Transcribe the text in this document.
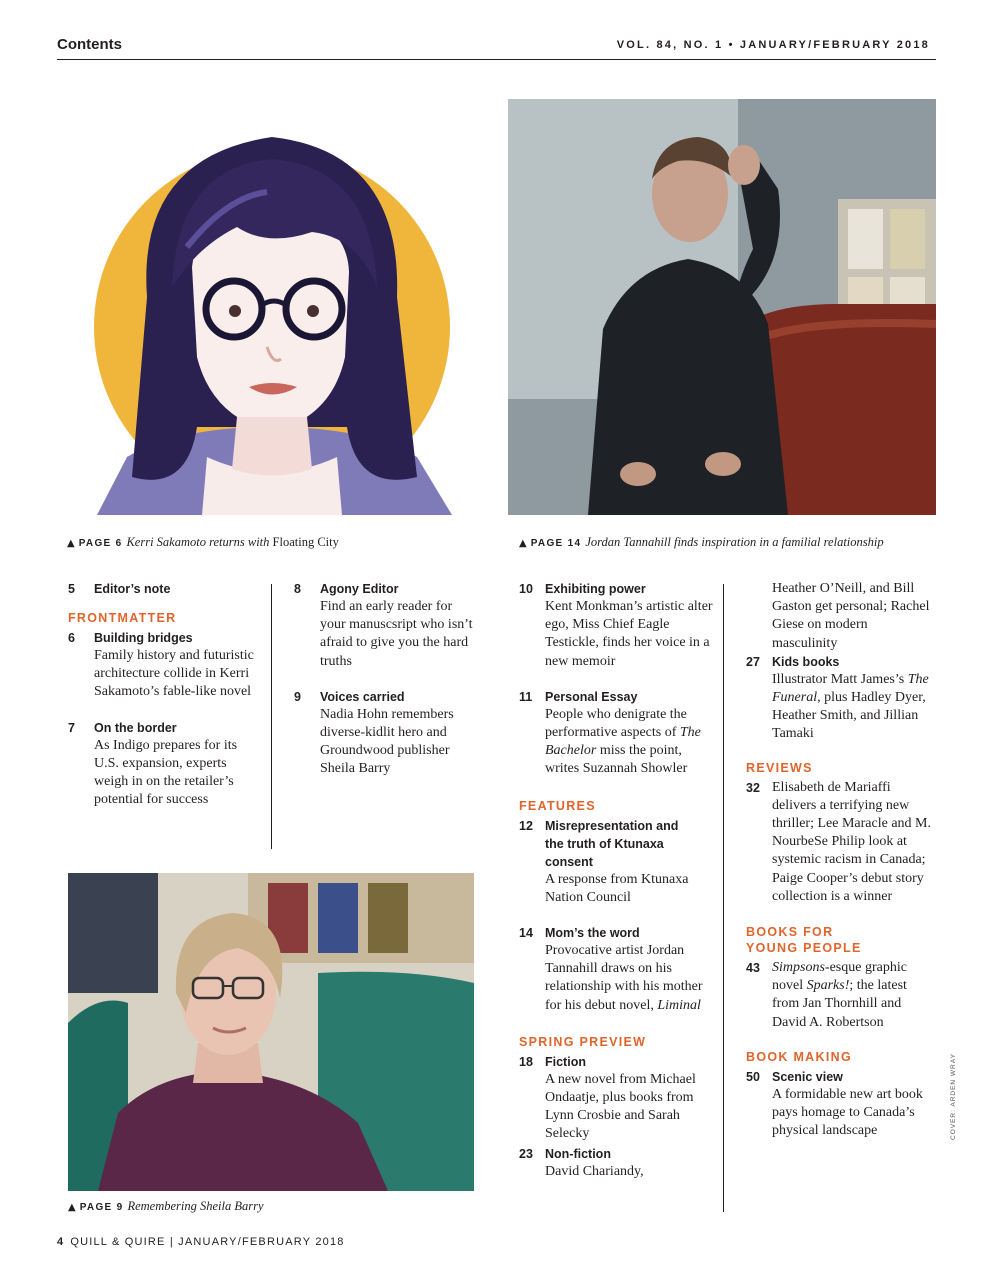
Contents	VOL. 84, NO. 1 • JANUARY/FEBRUARY 2018
▲ PAGE 6 Kerri Sakamoto returns with Floating City	▲ PAGE 14 Jordan Tannahill finds inspiration in a familial relationship
▲ PAGE 9 Remembering Sheila Barry
5 Editor’s note
FRONTMATTER
6 Building bridges
Family history and futuristic architecture collide in Kerri Sakamoto’s fable-like novel
7 On the border
As Indigo prepares for its U.S. expansion, experts weigh in on the retailer’s potential for success
8 Agony Editor
Find an early reader for your manuscsript who isn’t afraid to give you the hard truths
9 Voices carried
Nadia Hohn remembers diverse-kidlit hero and Groundwood publisher Sheila Barry
10 Exhibiting power
Kent Monkman’s artistic alter ego, Miss Chief Eagle Testickle, finds her voice in a new memoir
11 Personal Essay
People who denigrate the performative aspects of The Bachelor miss the point, writes Suzannah Showler
FEATURES
12 Misrepresentation and the truth of Ktunaxa consent
A response from Ktunaxa Nation Council
14 Mom’s the word
Provocative artist Jordan Tannahill draws on his relationship with his mother for his debut novel, Liminal
SPRING PREVIEW
18 Fiction
A new novel from Michael Ondaatje, plus books from Lynn Crosbie and Sarah Selecky
23 Non-fiction
David Chariandy,
Heather O’Neill, and Bill Gaston get personal; Rachel Giese on modern masculinity
27 Kids books
Illustrator Matt James’s The Funeral, plus Hadley Dyer, Heather Smith, and Jillian Tamaki
REVIEWS
32 Elisabeth de Mariaffi delivers a terrifying new thriller; Lee Maracle and M. NourbeSe Philip look at systemic racism in Canada; Paige Cooper’s debut story collection is a winner
BOOKS FOR YOUNG PEOPLE
43 Simpsons-esque graphic novel Sparks!; the latest from Jan Thornhill and David A. Robertson
BOOK MAKING
50 Scenic view
A formidable new art book pays homage to Canada’s physical landscape	COVER: ARDEN WRAY
4 QUILL & QUIRE | JANUARY/FEBRUARY 2018
